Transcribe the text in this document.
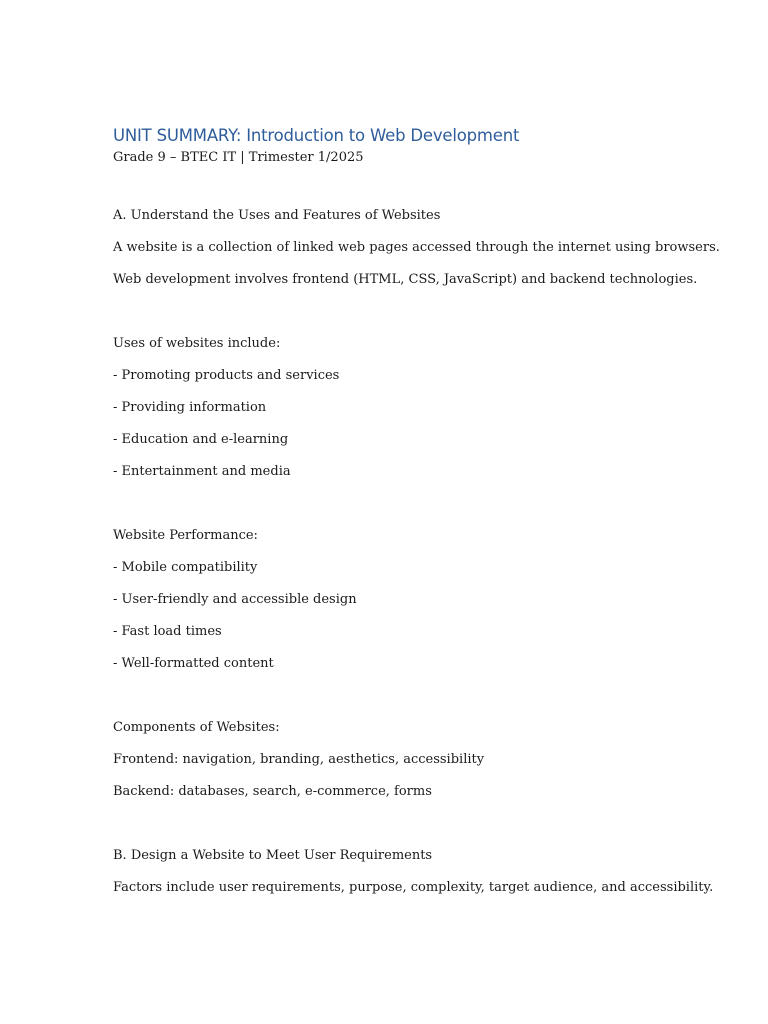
UNIT SUMMARY: Introduction to Web Development

Grade 9 – BTEC IT | Trimester 1/2025

A. Understand the Uses and Features of Websites

A website is a collection of linked web pages accessed through the internet using browsers.

Web development involves frontend (HTML, CSS, JavaScript) and backend technologies.

Uses of websites include:

- Promoting products and services

- Providing information

- Education and e-learning

- Entertainment and media

Website Performance:

- Mobile compatibility

- User-friendly and accessible design

- Fast load times

- Well-formatted content

Components of Websites:

Frontend: navigation, branding, aesthetics, accessibility

Backend: databases, search, e-commerce, forms

B. Design a Website to Meet User Requirements

Factors include user requirements, purpose, complexity, target audience, and accessibility.
